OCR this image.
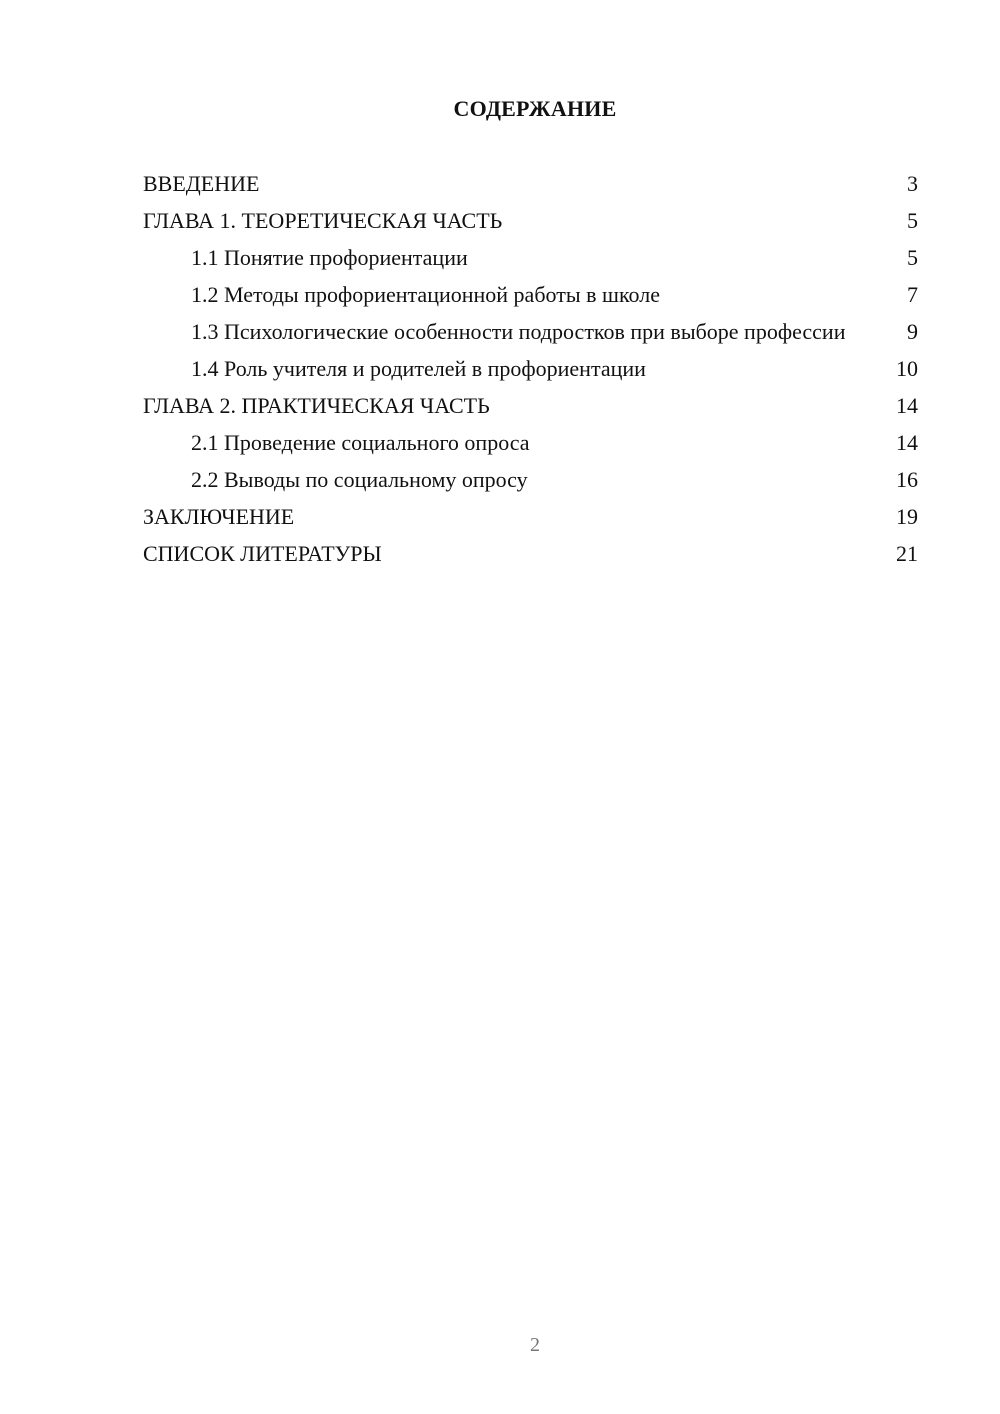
СОДЕРЖАНИЕ
ВВЕДЕНИЕ	3
ГЛАВА 1. ТЕОРЕТИЧЕСКАЯ ЧАСТЬ	5
1.1 Понятие профориентации	5
1.2 Методы профориентационной работы в школе	7
1.3 Психологические особенности подростков при выборе профессии	9
1.4 Роль учителя и родителей в профориентации	10
ГЛАВА 2. ПРАКТИЧЕСКАЯ ЧАСТЬ	14
2.1 Проведение социального опроса	14
2.2 Выводы по социальному опросу	16
ЗАКЛЮЧЕНИЕ	19
СПИСОК ЛИТЕРАТУРЫ	21
2
